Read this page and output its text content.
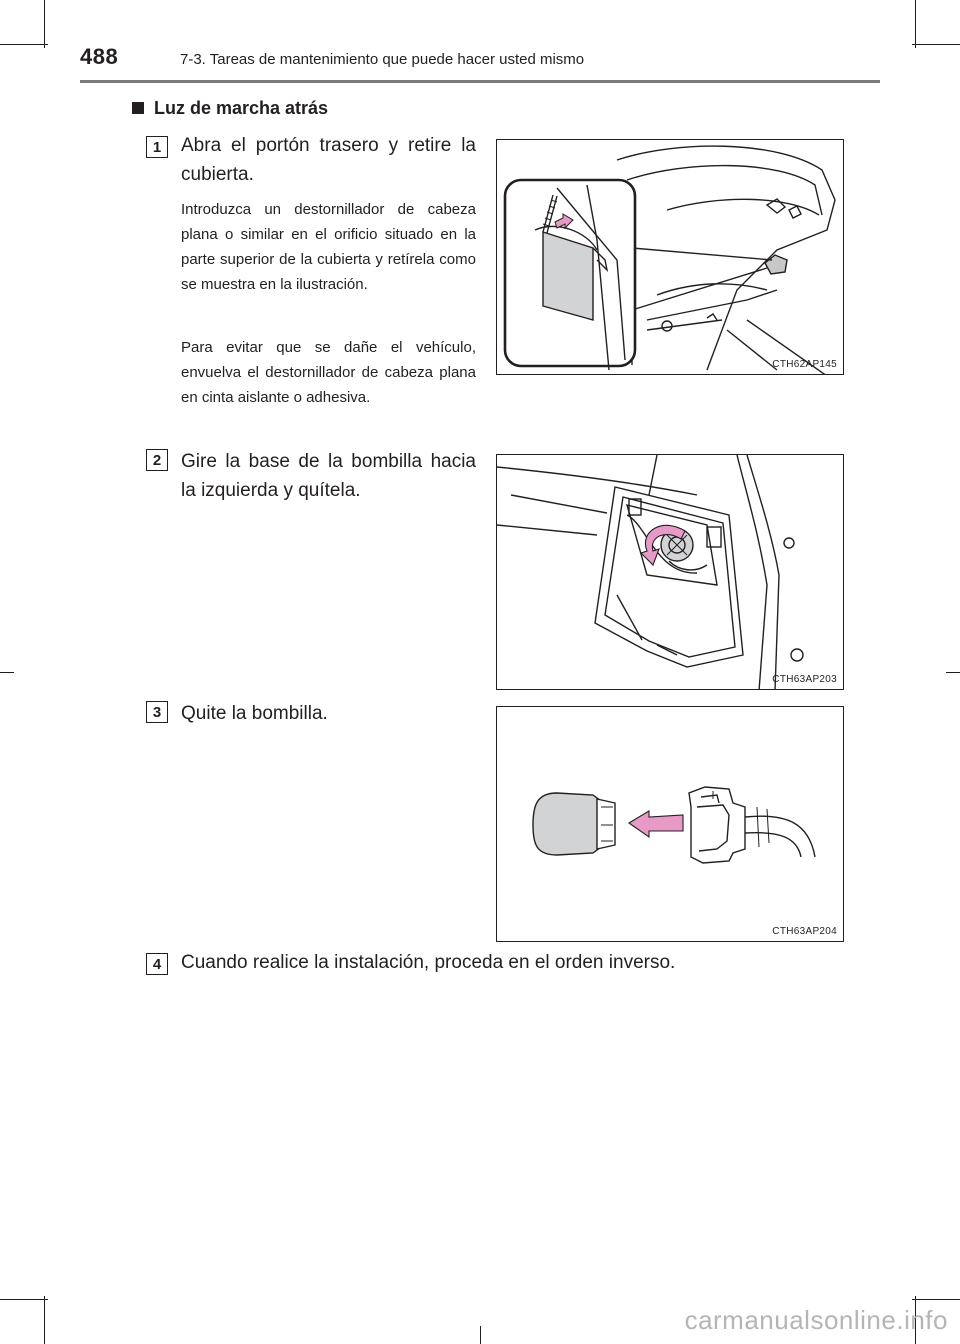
488	7-3. Tareas de mantenimiento que puede hacer usted mismo
Luz de marcha atrás
1	Abra el portón trasero y retire la cubierta.
Introduzca un destornillador de cabeza plana o similar en el orificio situado en la parte superior de la cubierta y retírela como se muestra en la ilustración.
Para evitar que se dañe el vehículo, envuelva el destornillador de cabeza plana en cinta aislante o adhesiva.
CTH62AP145
2	Gire la base de la bombilla hacia la izquierda y quítela.
CTH63AP203
3	Quite la bombilla.
CTH63AP204
4	Cuando realice la instalación, proceda en el orden inverso.
carmanualsonline.info
